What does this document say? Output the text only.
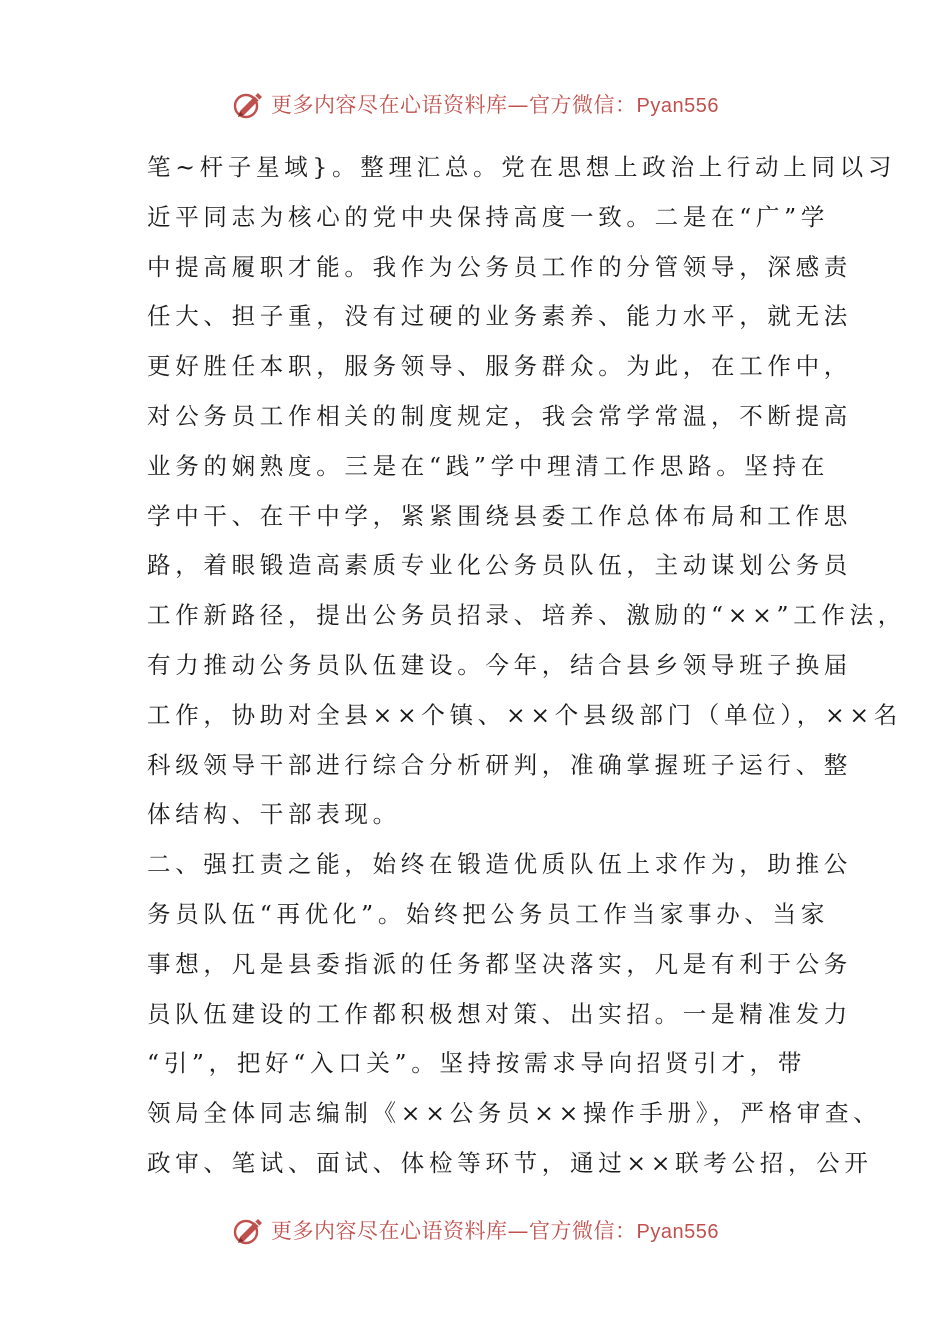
更多内容尽在心语资料库—官方微信：Pyan556
笔~杆子星域}。整理汇总。党在思想上政治上行动上同以习
近平同志为核心的党中央保持高度一致。二是在“广”学
中提高履职才能。我作为公务员工作的分管领导，深感责
任大、担子重，没有过硬的业务素养、能力水平，就无法
更好胜任本职，服务领导、服务群众。为此，在工作中，
对公务员工作相关的制度规定，我会常学常温，不断提高
业务的娴熟度。三是在“践”学中理清工作思路。坚持在
学中干、在干中学，紧紧围绕县委工作总体布局和工作思
路，着眼锻造高素质专业化公务员队伍，主动谋划公务员
工作新路径，提出公务员招录、培养、激励的“××”工作法，
有力推动公务员队伍建设。今年，结合县乡领导班子换届
工作，协助对全县××个镇、××个县级部门（单位），××名
科级领导干部进行综合分析研判，准确掌握班子运行、整
体结构、干部表现。
二、强扛责之能，始终在锻造优质队伍上求作为，助推公
务员队伍“再优化”。始终把公务员工作当家事办、当家
事想，凡是县委指派的任务都坚决落实，凡是有利于公务
员队伍建设的工作都积极想对策、出实招。一是精准发力
“引”，把好“入口关”。坚持按需求导向招贤引才，带
领局全体同志编制《××公务员××操作手册》，严格审查、
政审、笔试、面试、体检等环节，通过××联考公招，公开
更多内容尽在心语资料库—官方微信：Pyan556
